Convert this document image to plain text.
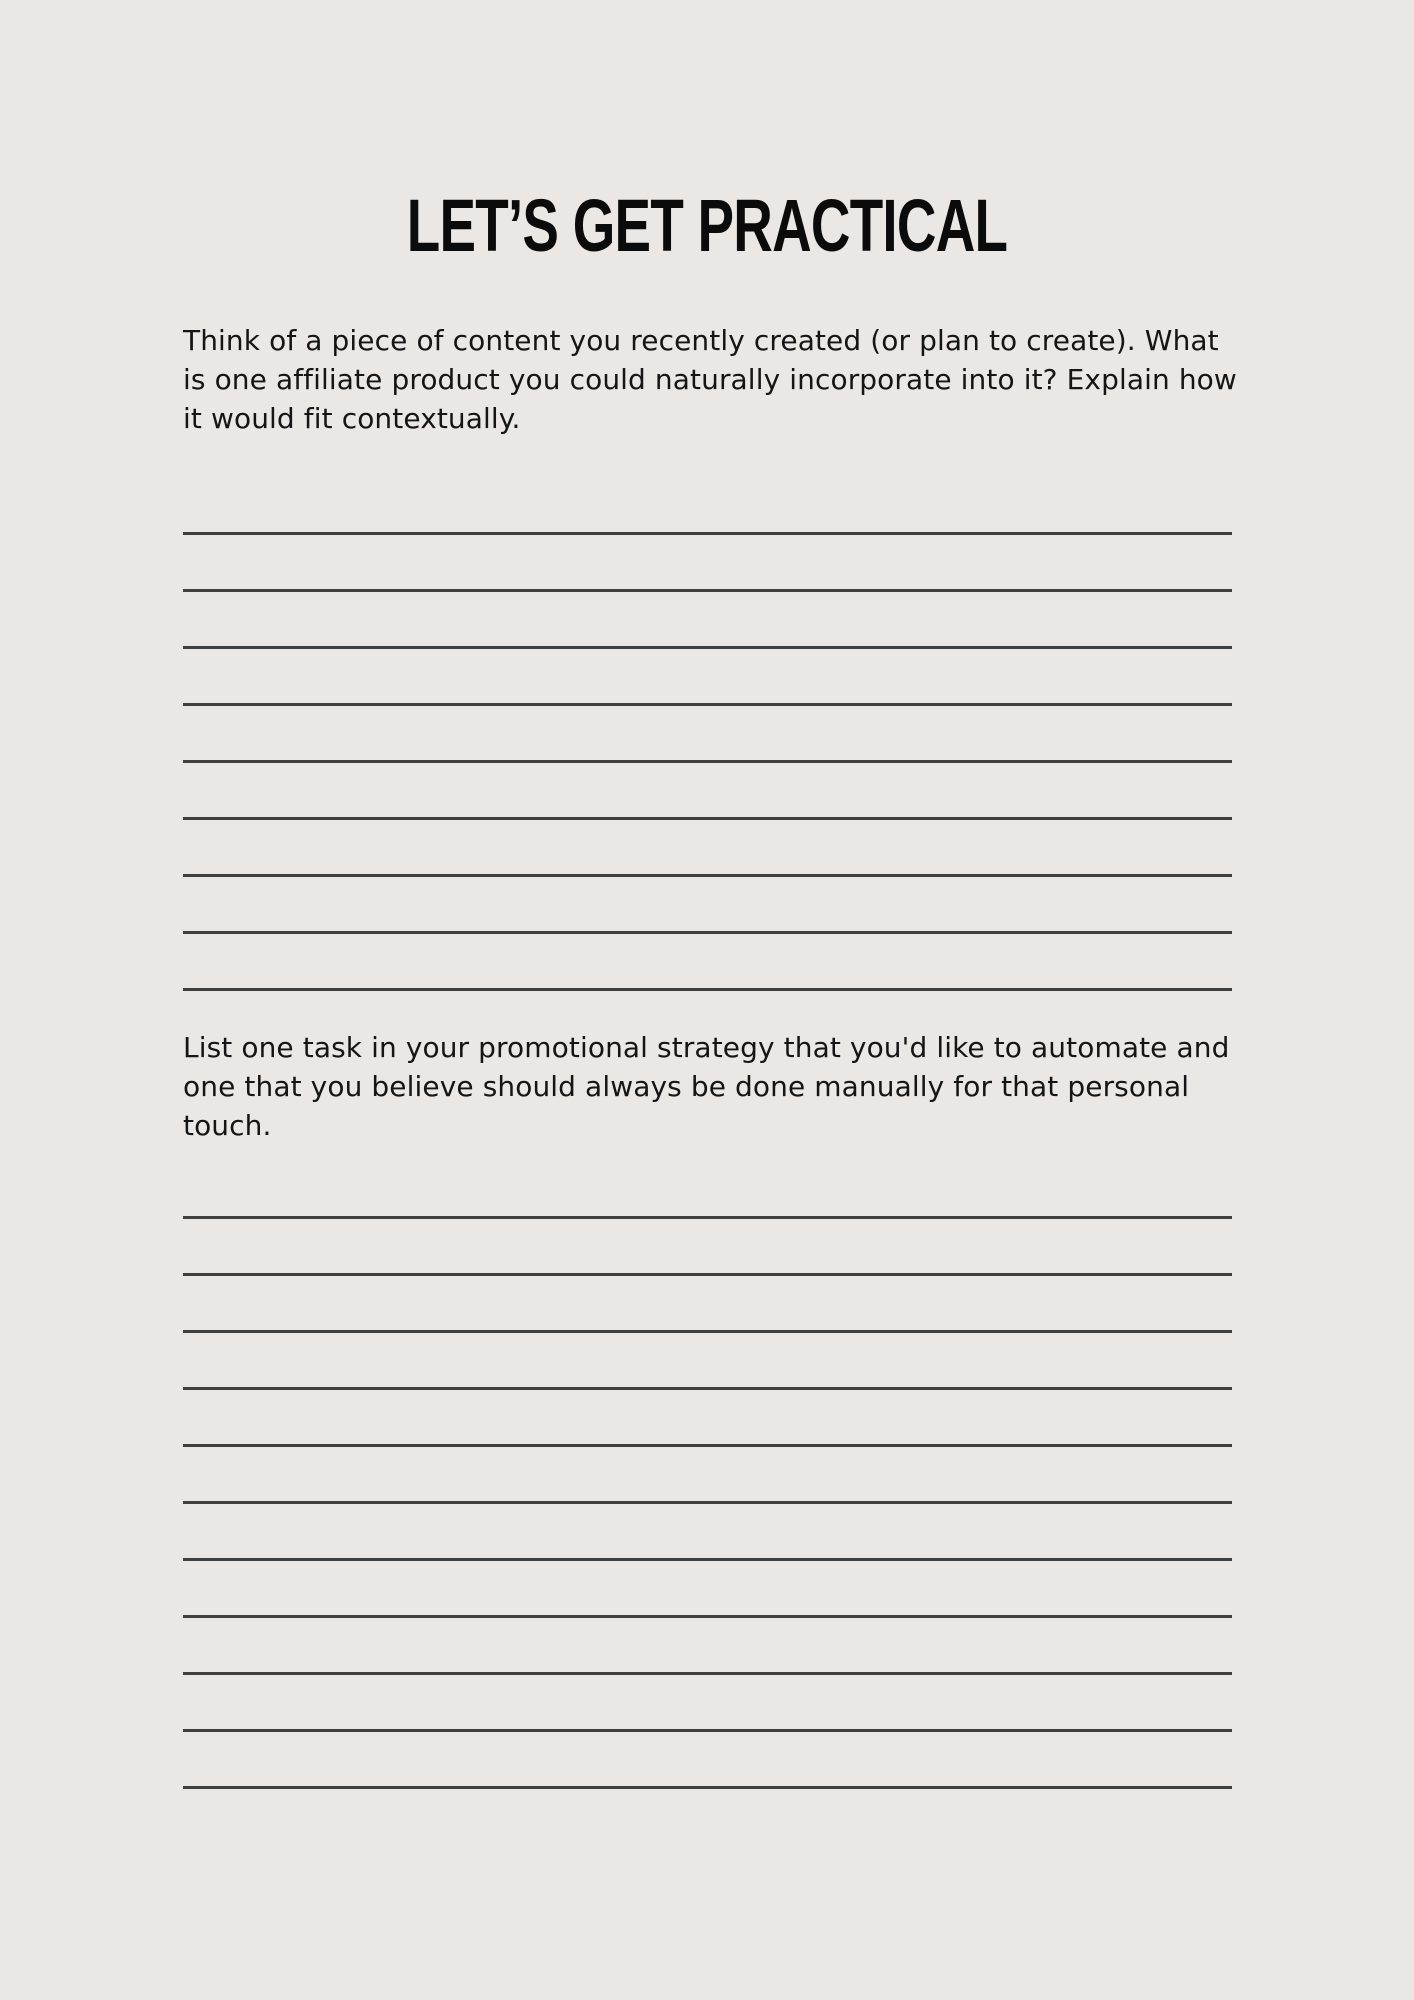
LET’S GET PRACTICAL

Think of a piece of content you recently created (or plan to create). What is one affiliate product you could naturally incorporate into it? Explain how it would fit contextually.

List one task in your promotional strategy that you'd like to automate and one that you believe should always be done manually for that personal touch.
